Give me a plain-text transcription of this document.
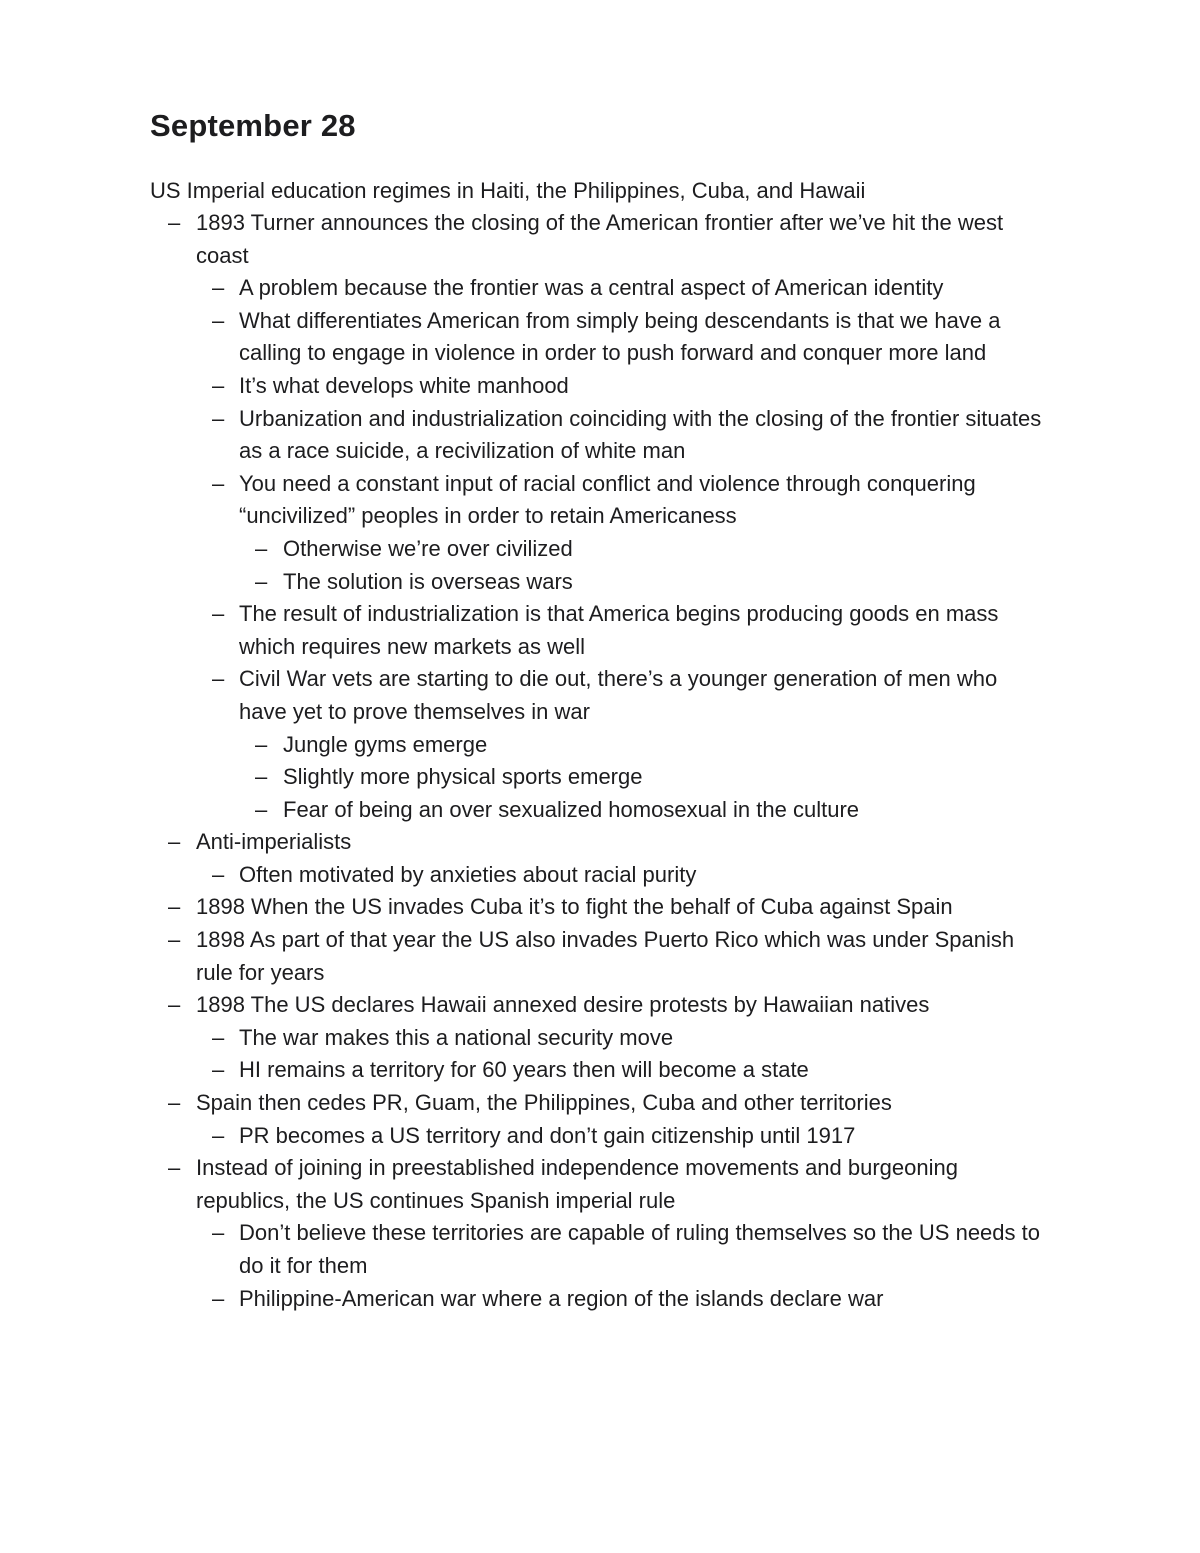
September 28

US Imperial education regimes in Haiti, the Philippines, Cuba, and Hawaii

– 1893 Turner announces the closing of the American frontier after we’ve hit the west coast
– A problem because the frontier was a central aspect of American identity
– What differentiates American from simply being descendants is that we have a calling to engage in violence in order to push forward and conquer more land
– It’s what develops white manhood
– Urbanization and industrialization coinciding with the closing of the frontier situates as a race suicide, a recivilization of white man
– You need a constant input of racial conflict and violence through conquering “uncivilized” peoples in order to retain Americaness
– Otherwise we’re over civilized
– The solution is overseas wars
– The result of industrialization is that America begins producing goods en mass which requires new markets as well
– Civil War vets are starting to die out, there’s a younger generation of men who have yet to prove themselves in war
– Jungle gyms emerge
– Slightly more physical sports emerge
– Fear of being an over sexualized homosexual in the culture
– Anti-imperialists
– Often motivated by anxieties about racial purity
– 1898 When the US invades Cuba it’s to fight the behalf of Cuba against Spain
– 1898 As part of that year the US also invades Puerto Rico which was under Spanish rule for years
– 1898 The US declares Hawaii annexed desire protests by Hawaiian natives
– The war makes this a national security move
– HI remains a territory for 60 years then will become a state
– Spain then cedes PR, Guam, the Philippines, Cuba and other territories
– PR becomes a US territory and don’t gain citizenship until 1917
– Instead of joining in preestablished independence movements and burgeoning republics, the US continues Spanish imperial rule
– Don’t believe these territories are capable of ruling themselves so the US needs to do it for them
– Philippine-American war where a region of the islands declare war
